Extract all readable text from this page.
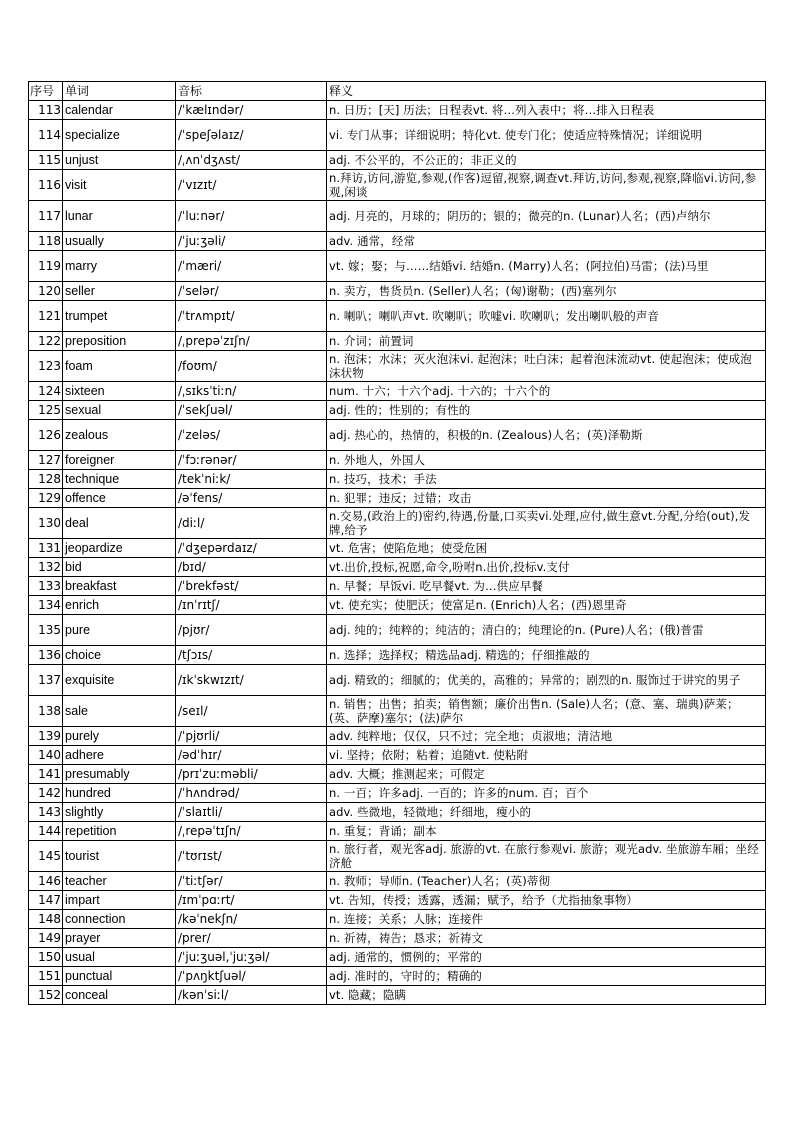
序号	单词	音标	释义
113	calendar	/ˈkælɪndər/	n. 日历；[天] 历法；日程表vt. 将…列入表中；将…排入日程表
114	specialize	/ˈspeʃəlaɪz/	vi. 专门从事；详细说明；特化vt. 使专门化；使适应特殊情况；详细说明
115	unjust	/ˌʌnˈdʒʌst/	adj. 不公平的，不公正的；非正义的
116	visit	/ˈvɪzɪt/	n.拜访,访问,游览,参观,(作客)逗留,视察,调查vt.拜访,访问,参观,视察,降临vi.访问,参观,闲谈
117	lunar	/ˈluːnər/	adj. 月亮的，月球的；阴历的；银的；微亮的n. (Lunar)人名；(西)卢纳尔
118	usually	/ˈjuːʒəli/	adv. 通常，经常
119	marry	/ˈmæri/	vt. 嫁；娶；与……结婚vi. 结婚n. (Marry)人名；(阿拉伯)马雷；(法)马里
120	seller	/ˈselər/	n. 卖方，售货员n. (Seller)人名；(匈)谢勒；(西)塞列尔
121	trumpet	/ˈtrʌmpɪt/	n. 喇叭；喇叭声vt. 吹喇叭；吹嘘vi. 吹喇叭；发出喇叭般的声音
122	preposition	/ˌprepəˈzɪʃn/	n. 介词；前置词
123	foam	/foʊm/	n. 泡沫；水沫；灭火泡沫vi. 起泡沫；吐白沫；起着泡沫流动vt. 使起泡沫；使成泡沫状物
124	sixteen	/ˌsɪksˈtiːn/	num. 十六；十六个adj. 十六的；十六个的
125	sexual	/ˈsekʃuəl/	adj. 性的；性别的；有性的
126	zealous	/ˈzeləs/	adj. 热心的，热情的，积极的n. (Zealous)人名；(英)泽勒斯
127	foreigner	/ˈfɔːrənər/	n. 外地人，外国人
128	technique	/tekˈniːk/	n. 技巧，技术；手法
129	offence	/əˈfens/	n. 犯罪；违反；过错；攻击
130	deal	/diːl/	n.交易,(政治上的)密约,待遇,份量,口买卖vi.处理,应付,做生意vt.分配,分给(out),发牌,给予
131	jeopardize	/ˈdʒepərdaɪz/	vt. 危害；使陷危地；使受危困
132	bid	/bɪd/	vt.出价,投标,祝愿,命令,吩咐n.出价,投标v.支付
133	breakfast	/ˈbrekfəst/	n. 早餐；早饭vi. 吃早餐vt. 为…供应早餐
134	enrich	/ɪnˈrɪtʃ/	vt. 使充实；使肥沃；使富足n. (Enrich)人名；(西)恩里奇
135	pure	/pjʊr/	adj. 纯的；纯粹的；纯洁的；清白的；纯理论的n. (Pure)人名；(俄)普雷
136	choice	/tʃɔɪs/	n. 选择；选择权；精选品adj. 精选的；仔细推敲的
137	exquisite	/ɪkˈskwɪzɪt/	adj. 精致的；细腻的；优美的，高雅的；异常的；剧烈的n. 服饰过于讲究的男子
138	sale	/seɪl/	n. 销售；出售；拍卖；销售额；廉价出售n. (Sale)人名；(意、塞、瑞典)萨莱；(英、萨摩)塞尔；(法)萨尔
139	purely	/ˈpjʊrli/	adv. 纯粹地；仅仅，只不过；完全地；贞淑地；清洁地
140	adhere	/ədˈhɪr/	vi. 坚持；依附；粘着；追随vt. 使粘附
141	presumably	/prɪˈzuːməbli/	adv. 大概；推测起来；可假定
142	hundred	/ˈhʌndrəd/	n. 一百；许多adj. 一百的；许多的num. 百；百个
143	slightly	/ˈslaɪtli/	adv. 些微地，轻微地；纤细地，瘦小的
144	repetition	/ˌrepəˈtɪʃn/	n. 重复；背诵；副本
145	tourist	/ˈtʊrɪst/	n. 旅行者，观光客adj. 旅游的vt. 在旅行参观vi. 旅游；观光adv. 坐旅游车厢；坐经济舱
146	teacher	/ˈtiːtʃər/	n. 教师；导师n. (Teacher)人名；(英)蒂彻
147	impart	/ɪmˈpɑːrt/	vt. 告知，传授；透露，透漏；赋予，给予（尤指抽象事物）
148	connection	/kəˈnekʃn/	n. 连接；关系；人脉；连接件
149	prayer	/prer/	n. 祈祷，祷告；恳求；祈祷文
150	usual	/ˈjuːʒuəl,ˈjuːʒəl/	adj. 通常的，惯例的；平常的
151	punctual	/ˈpʌŋktʃuəl/	adj. 准时的，守时的；精确的
152	conceal	/kənˈsiːl/	vt. 隐藏；隐瞒
